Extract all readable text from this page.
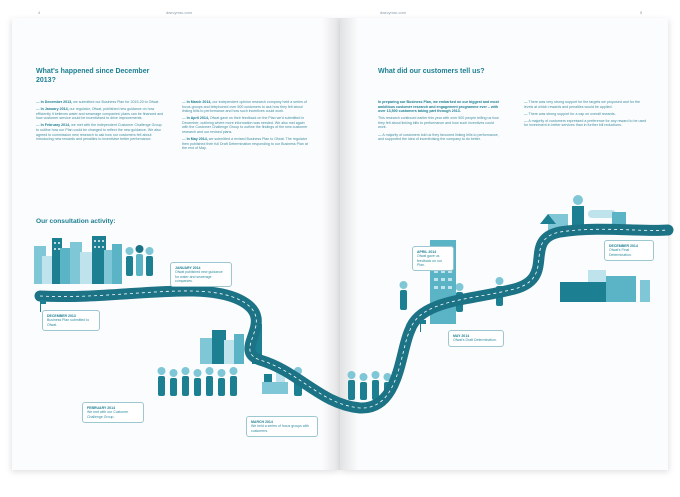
4	dwrcymru.com
What's happened since December 2013?

— In December 2013, we submitted our Business Plan for 2015-20 to Ofwat.

— In January 2014, our regulator, Ofwat, published new guidance on how efficiently it believes water and sewerage companies' plans can be financed and how customer service could be incentivised to drive improvements.

— In February 2014, we met with the independent Customer Challenge Group to outline how our Plan could be changed to reflect the new guidance. We also agreed to commission new research to ask how our customers felt about introducing new rewards and penalties to incentivise better performance.

— In March 2014, our independent opinion research company held a series of focus groups and telephoned over 500 customers to ask how they felt about linking bills to performance and how such incentives could work.

— In April 2014, Ofwat gave us their feedback on the Plan we'd submitted in December, outlining where more information was needed. We also met again with the Customer Challenge Group to outline the findings of the new customer research and our revised plans.

— In May 2014, we submitted a revised Business Plan to Ofwat. The regulator then published their full Draft Determination responding to our Business Plan at the end of May.

Our consultation activity:
JANUARY 2014
Ofwat published new guidance for water and sewerage companies.
DECEMBER 2013
Business Plan submitted to Ofwat.
FEBRUARY 2014
We met with our Customer Challenge Group.
MARCH 2014
We held a series of focus groups with customers.
dwrcymru.com	5
What did our customers tell us?

In preparing our Business Plan, we embarked on our biggest and most ambitious customer research and engagement programme ever – with over 13,500 customers taking part through 2013.

This research continued earlier this year with over 500 people telling us how they felt about linking bills to performance and how such incentives could work.

— A majority of customers told us they favoured linking bills to performance, and supported the idea of incentivising the company to do better.

— There was very strong support for the targets we proposed and for the levels at which rewards and penalties would be applied.

— There was strong support for a cap on overall rewards.

— A majority of customers expressed a preference for any reward to be used for investment in better services than in further bill reductions.

APRIL 2014
Ofwat gave us feedback on our Plan.
MAY 2014
Ofwat's Draft Determination.
DECEMBER 2014
Ofwat's Final Determination.
